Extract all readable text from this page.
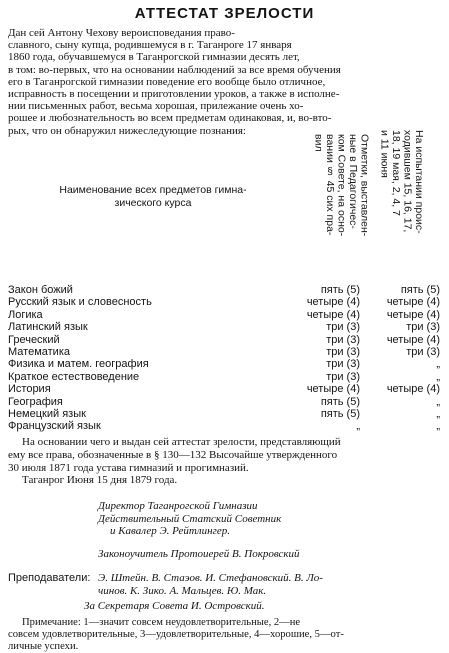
АТТЕСТАТ ЗРЕЛОСТИ
Дан сей Антону Чехову вероисповедания право-
славного, сыну купца, родившемуся в г. Таганроге 17 января
1860 года, обучавшемуся в Таганрогской гимназии десять лет,
в том: во-первых, что на основании наблюдений за все время обучения
его в Таганрогской гимназии поведение его вообще было отличное,
исправность в посещении и приготовлении уроков, а также в исполне-
нии письменных работ, весьма хорошая, прилежание очень хо-
рошее и любознательность во всем предметам одинаковая, и, во-вто-
рых, что он обнаружил нижеследующие познания:
Наименование всех предметов гимна-
зического курса
Отметки, выставлен-
ные в Педагогичес-
ком Совете, на осно-
вании § 45 сих пра-
вил	На испытании проис-
ходившем 15, 16, 17,
18, 19 мая, 2, 4, 7
и 11 июня
Закон божий	пять (5)	пять (5)
Русский язык и словесность	четыре (4) четыре (4)
Логика	четыре (4) четыре (4)
Латинский язык	три (3)	три (3)
Греческий	три (3) четыре (4)
Математика	три (3)	три (3)
Физика и матем. география	три (3)	„
Краткое естествоведение	три (3)	„
История	четыре (4) четыре (4)
География	пять (5)	„
Немецкий язык	пять (5)	„
Французский язык	„	„
На основании чего и выдан сей аттестат зрелости, представляющий
ему все права, обозначенные в § 130—132 Высочайше утвержденного
30 июля 1871 года устава гимназий и прогимназий.
Таганрог Июня 15 дня 1879 года.
Директор Таганрогской Гимназии
Действительный Статский Советник
и Кавалер Э. Рейтлингер.
Законоучитель Протоиерей В. Покровский
Преподаватели: Э. Штейн. В. Стаэов. И. Стефановский. В. Ло-
чинов. К. Зико. А. Мальцев. Ю. Мак.
За Секретаря Совета И. Островский.
Примечание: 1—значит совсем неудовлетворительные, 2—не
совсем удовлетворительные, 3—удовлетворительные, 4—хорошие, 5—от-
личные успехи.
